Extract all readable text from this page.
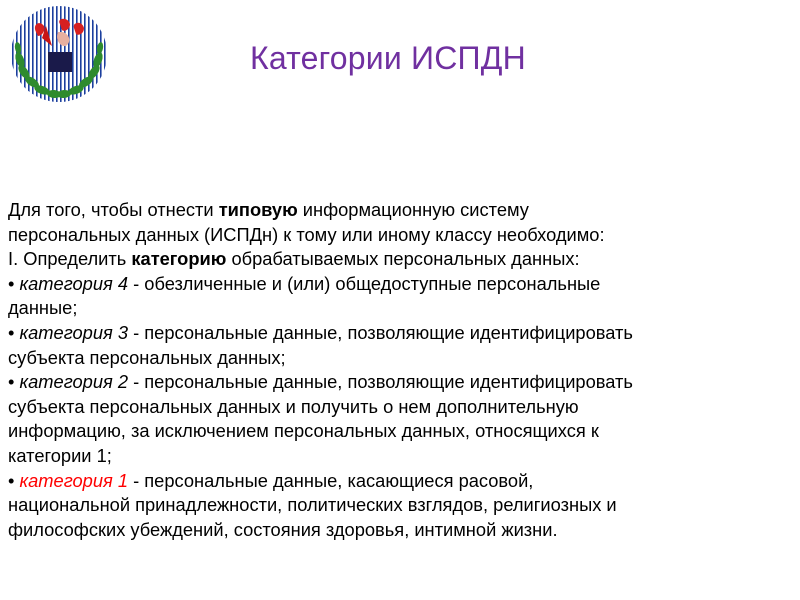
Категории ИСПДН
Для того, чтобы отнести типовую информационную систему
персональных данных (ИСПДн) к тому или иному классу необходимо:
I. Определить категорию обрабатываемых персональных данных:
• категория 4 - обезличенные и (или) общедоступные персональные
данные;
• категория 3 - персональные данные, позволяющие идентифицировать
субъекта персональных данных;
• категория 2 - персональные данные, позволяющие идентифицировать
субъекта персональных данных и получить о нем дополнительную
информацию, за исключением персональных данных, относящихся к
категории 1;
• категория 1 - персональные данные, касающиеся расовой,
национальной принадлежности, политических взглядов, религиозных и
философских убеждений, состояния здоровья, интимной жизни.
